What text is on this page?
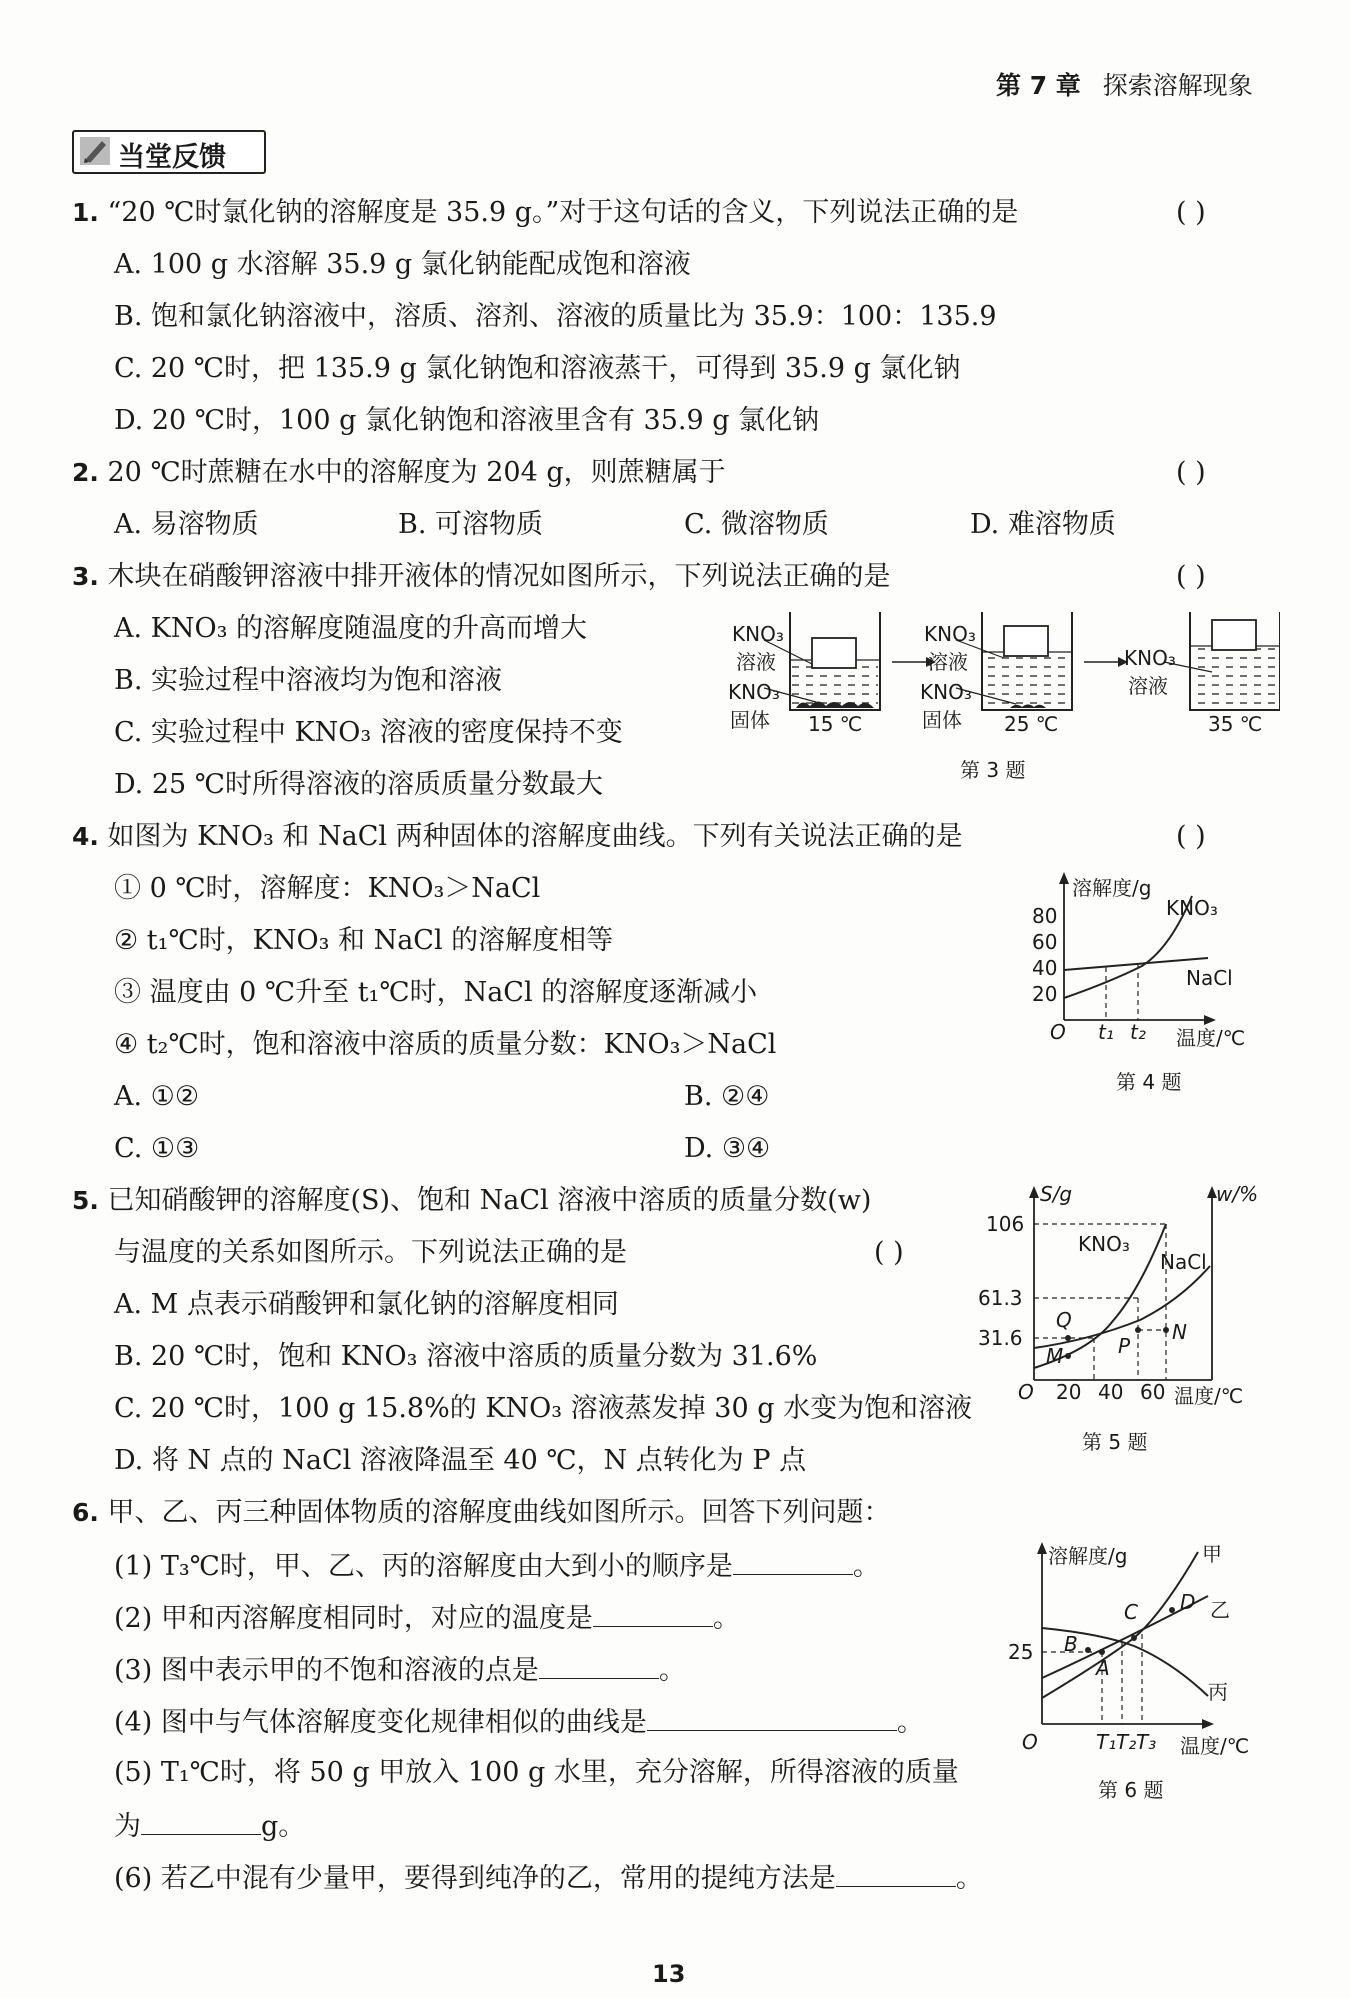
第 7 章 探索溶解现象
当堂反馈
1. “20 ℃时氯化钠的溶解度是 35.9 g。”对于这句话的含义，下列说法正确的是	( )
A. 100 g 水溶解 35.9 g 氯化钠能配成饱和溶液
B. 饱和氯化钠溶液中，溶质、溶剂、溶液的质量比为 35.9：100：135.9
C. 20 ℃时，把 135.9 g 氯化钠饱和溶液蒸干，可得到 35.9 g 氯化钠
D. 20 ℃时，100 g 氯化钠饱和溶液里含有 35.9 g 氯化钠
2. 20 ℃时蔗糖在水中的溶解度为 204 g，则蔗糖属于	( )
A. 易溶物质	B. 可溶物质	C. 微溶物质	D. 难溶物质
3. 木块在硝酸钾溶液中排开液体的情况如图所示，下列说法正确的是	( )
A. KNO₃ 的溶解度随温度的升高而增大
B. 实验过程中溶液均为饱和溶液
C. 实验过程中 KNO₃ 溶液的密度保持不变
D. 25 ℃时所得溶液的溶质质量分数最大
KNO₃
溶液
KNO₃
固体
KNO₃
溶液
KNO₃
固体
KNO₃
溶液
15 ℃	25 ℃	35 ℃
第 3 题
4. 如图为 KNO₃ 和 NaCl 两种固体的溶解度曲线。下列有关说法正确的是	( )
① 0 ℃时，溶解度：KNO₃＞NaCl
② t₁℃时，KNO₃ 和 NaCl 的溶解度相等
③ 温度由 0 ℃升至 t₁℃时，NaCl 的溶解度逐渐减小
④ t₂℃时，饱和溶液中溶质的质量分数：KNO₃＞NaCl
A. ①②	B. ②④
C. ①③	D. ③④
溶解度/g
KNO₃
NaCl
80
60
40
20
O t₁ t₂ 温度/℃
第 4 题
5. 已知硝酸钾的溶解度(S)、饱和 NaCl 溶液中溶质的质量分数(w)
与温度的关系如图所示。下列说法正确的是	( )
A. M 点表示硝酸钾和氯化钠的溶解度相同
B. 20 ℃时，饱和 KNO₃ 溶液中溶质的质量分数为 31.6%
C. 20 ℃时，100 g 15.8%的 KNO₃ 溶液蒸发掉 30 g 水变为饱和溶液
D. 将 N 点的 NaCl 溶液降温至 40 ℃，N 点转化为 P 点
S/g	w/%
106
61.3
31.6
KNO₃
NaCl
Q
M	P
N
O 20 40 60 温度/℃
第 5 题
6. 甲、乙、丙三种固体物质的溶解度曲线如图所示。回答下列问题：
(1) T₃℃时，甲、乙、丙的溶解度由大到小的顺序是	。
(2) 甲和丙溶解度相同时，对应的温度是	。
(3) 图中表示甲的不饱和溶液的点是	。
(4) 图中与气体溶解度变化规律相似的曲线是	。
(5) T₁℃时，将 50 g 甲放入 100 g 水里，充分溶解，所得溶液的质量
为	g。
(6) 若乙中混有少量甲，要得到纯净的乙，常用的提纯方法是	。
溶解度/g	甲
乙
丙
D
C
B
A
25
O	T₁ T₂ T₃ 温度/℃
第 6 题
13
